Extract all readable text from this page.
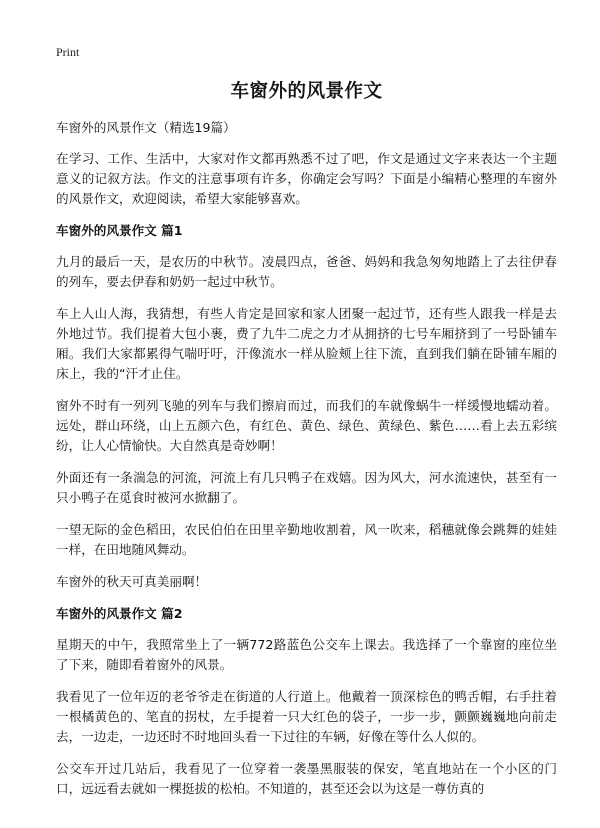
Print
车窗外的风景作文
车窗外的风景作文（精选19篇）

在学习、工作、生活中，大家对作文都再熟悉不过了吧，作文是通过文字来表达一个主题意义的记叙方法。作文的注意事项有许多，你确定会写吗？下面是小编精心整理的车窗外的风景作文，欢迎阅读，希望大家能够喜欢。

车窗外的风景作文 篇1

九月的最后一天，是农历的中秋节。凌晨四点，爸爸、妈妈和我急匆匆地踏上了去往伊春的列车，要去伊春和奶奶一起过中秋节。

车上人山人海，我猜想，有些人肯定是回家和家人团聚一起过节，还有些人跟我一样是去外地过节。我们提着大包小裹，费了九牛二虎之力才从拥挤的七号车厢挤到了一号卧铺车厢。我们大家都累得气喘吁吁，汗像流水一样从脸颊上往下流，直到我们躺在卧铺车厢的床上，我的“汗才止住。

窗外不时有一列列飞驰的列车与我们擦肩而过，而我们的车就像蜗牛一样缓慢地蠕动着。远处，群山环绕，山上五颜六色，有红色、黄色、绿色、黄绿色、紫色……看上去五彩缤纷，让人心情愉快。大自然真是奇妙啊！

外面还有一条湍急的河流，河流上有几只鸭子在戏嬉。因为风大，河水流速快，甚至有一只小鸭子在觅食时被河水掀翻了。

一望无际的金色稻田，农民伯伯在田里辛勤地收割着，风一吹来，稻穗就像会跳舞的娃娃一样，在田地随风舞动。

车窗外的秋天可真美丽啊！

车窗外的风景作文 篇2

星期天的中午，我照常坐上了一辆772路蓝色公交车上课去。我选择了一个靠窗的座位坐了下来，随即看着窗外的风景。

我看见了一位年迈的老爷爷走在街道的人行道上。他戴着一顶深棕色的鸭舌帽，右手拄着一根橘黄色的、笔直的拐杖，左手提着一只大红色的袋子，一步一步，颤颤巍巍地向前走去，一边走，一边还时不时地回头看一下过往的车辆，好像在等什么人似的。

公交车开过几站后，我看见了一位穿着一袭墨黑服装的保安，笔直地站在一个小区的门口，远远看去就如一棵挺拔的松柏。不知道的，甚至还会以为这是一尊仿真的
